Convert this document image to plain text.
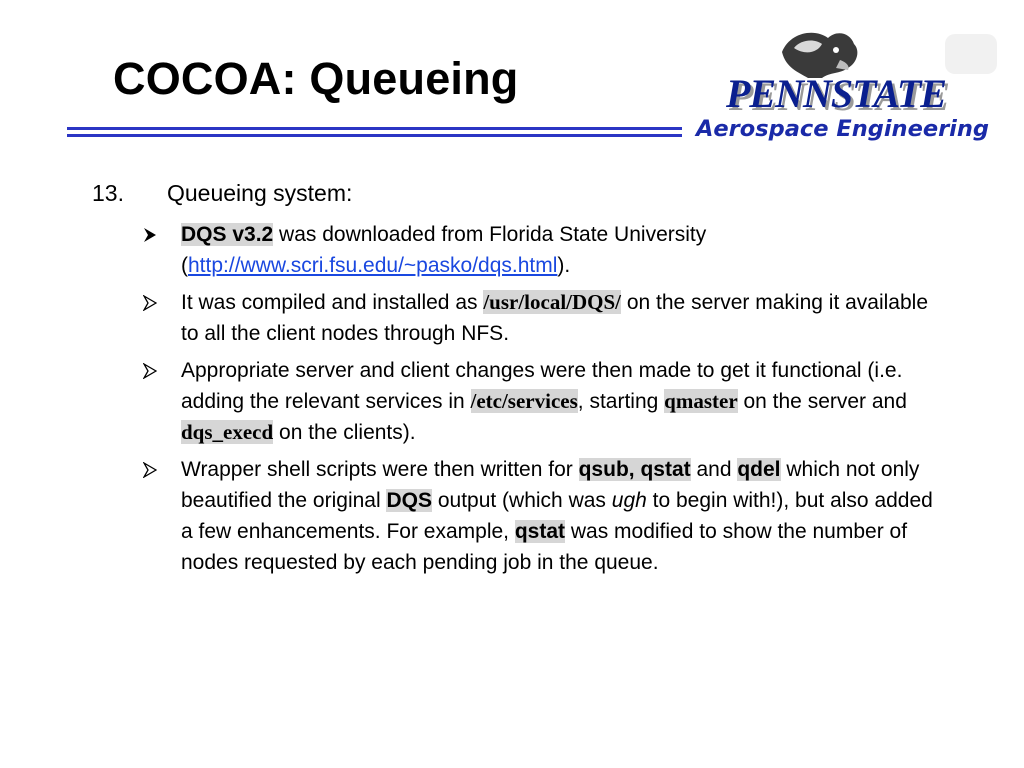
COCOA: Queueing	PENNSTATE
Aerospace Engineering
13. Queueing system:
DQS v3.2 was downloaded from Florida State University (http://www.scri.fsu.edu/~pasko/dqs.html).
It was compiled and installed as /usr/local/DQS/ on the server making it available to all the client nodes through NFS.
Appropriate server and client changes were then made to get it functional (i.e. adding the relevant services in /etc/services, starting qmaster on the server and dqs_execd on the clients).
Wrapper shell scripts were then written for qsub, qstat and qdel which not only beautified the original DQS output (which was ugh to begin with!), but also added a few enhancements. For example, qstat was modified to show the number of nodes requested by each pending job in the queue.
